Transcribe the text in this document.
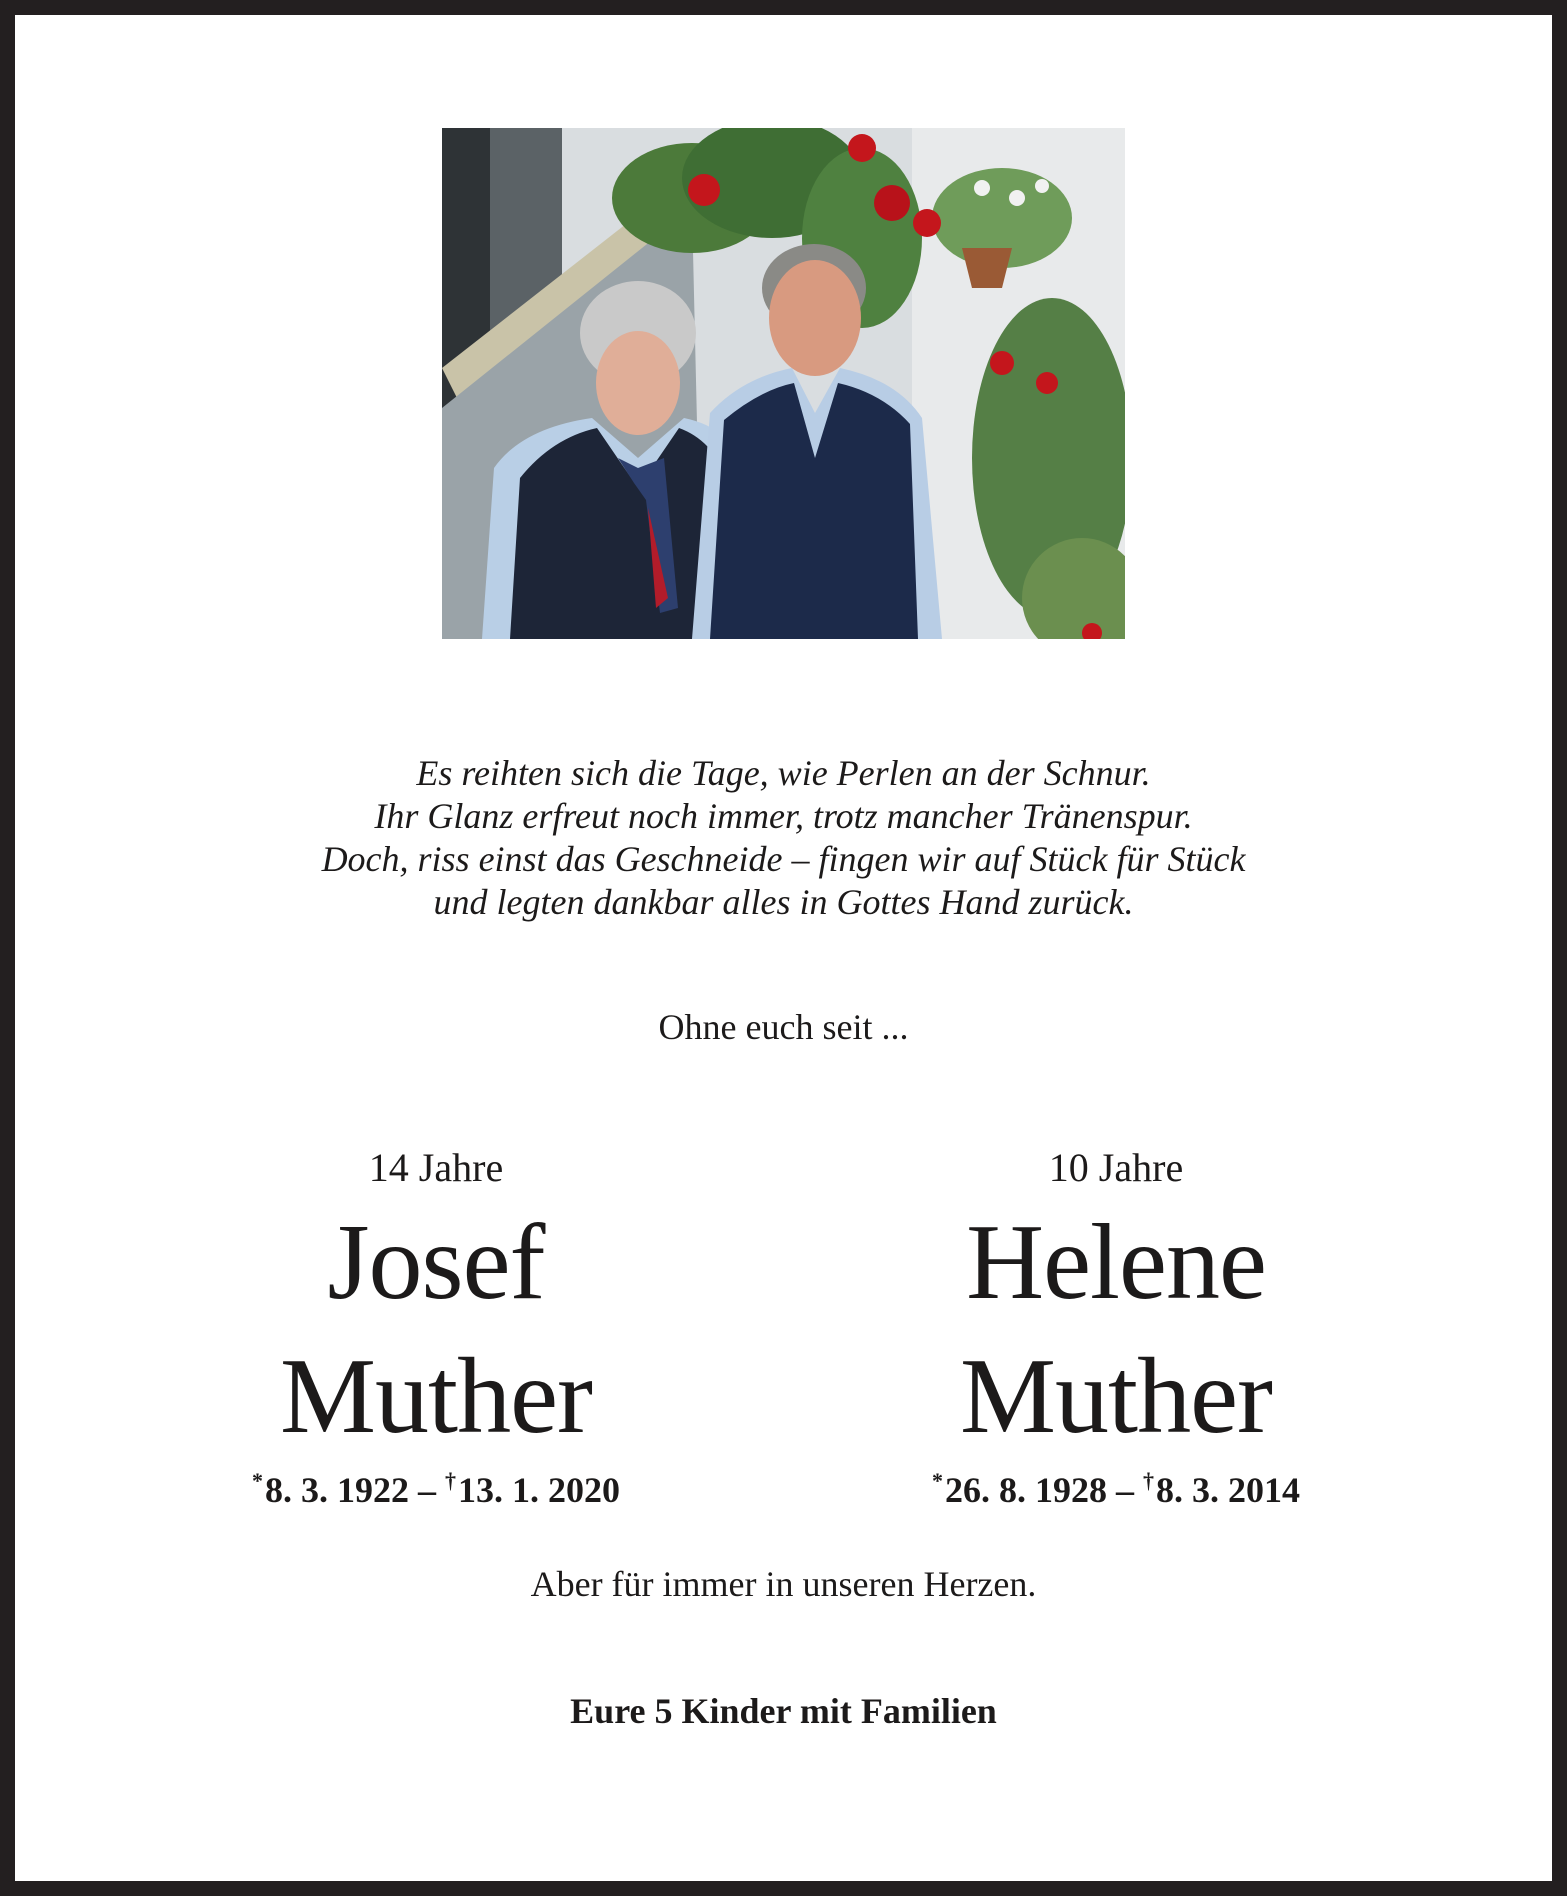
Es reihten sich die Tage, wie Perlen an der Schnur.
Ihr Glanz erfreut noch immer, trotz mancher Tränenspur.
Doch, riss einst das Geschneide – fingen wir auf Stück für Stück
und legten dankbar alles in Gottes Hand zurück.
Ohne euch seit ...
14 Jahre
Josef
Muther
*8. 3. 1922 – †13. 1. 2020
10 Jahre
Helene
Muther
*26. 8. 1928 – †8. 3. 2014
Aber für immer in unseren Herzen.
Eure 5 Kinder mit Familien
